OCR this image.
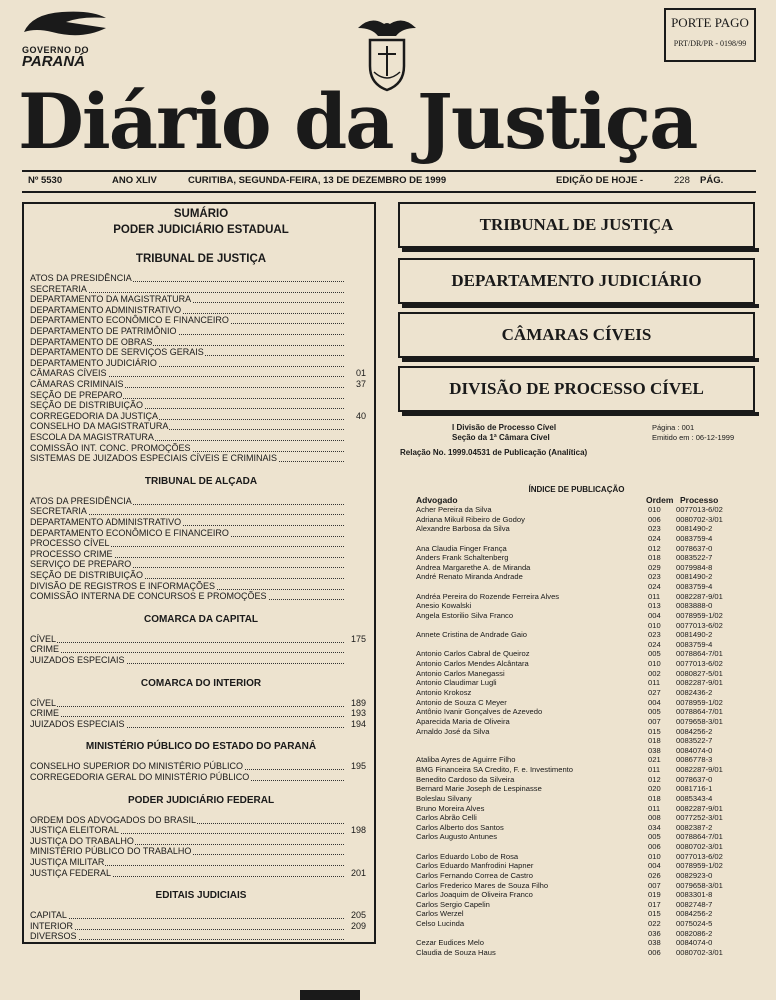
GOVERNO DO
PARANÁ
PORTE PAGO
PRT/DR/PR - 0198/99
Diário da Justiça
Nº 5530	ANO XLIV	CURITIBA, SEGUNDA-FEIRA, 13 DE DEZEMBRO DE 1999	EDIÇÃO DE HOJE -	228 PÁG.
SUMÁRIO
PODER JUDICIÁRIO ESTADUAL
TRIBUNAL DE JUSTIÇA
ATOS DA PRESIDÊNCIA
SECRETARIA
DEPARTAMENTO DA MAGISTRATURA
DEPARTAMENTO ADMINISTRATIVO
DEPARTAMENTO ECONÔMICO E FINANCEIRO
DEPARTAMENTO DE PATRIMÔNIO
DEPARTAMENTO DE OBRAS
DEPARTAMENTO DE SERVIÇOS GERAIS
DEPARTAMENTO JUDICIÁRIO
CÂMARAS CÍVEIS	01
CÂMARAS CRIMINAIS	37
SEÇÃO DE PREPARO
SEÇÃO DE DISTRIBUIÇÃO
CORREGEDORIA DA JUSTIÇA	40
CONSELHO DA MAGISTRATURA
ESCOLA DA MAGISTRATURA
COMISSÃO INT. CONC. PROMOÇÕES
SISTEMAS DE JUIZADOS ESPECIAIS CÍVEIS E CRIMINAIS
TRIBUNAL DE ALÇADA
ATOS DA PRESIDÊNCIA
SECRETARIA
DEPARTAMENTO ADMINISTRATIVO
DEPARTAMENTO ECONÔMICO E FINANCEIRO
PROCESSO CÍVEL
PROCESSO CRIME
SERVIÇO DE PREPARO
SEÇÃO DE DISTRIBUIÇÃO
DIVISÃO DE REGISTROS E INFORMAÇÕES
COMISSÃO INTERNA DE CONCURSOS E PROMOÇÕES
COMARCA DA CAPITAL
CÍVEL	175
CRIME
JUIZADOS ESPECIAIS
COMARCA DO INTERIOR
CÍVEL	189
CRIME	193
JUIZADOS ESPECIAIS	194
MINISTÉRIO PÚBLICO DO ESTADO DO PARANÁ
CONSELHO SUPERIOR DO MINISTÉRIO PÚBLICO	195
CORREGEDORIA GERAL DO MINISTÉRIO PÚBLICO
PODER JUDICIÁRIO FEDERAL
ORDEM DOS ADVOGADOS DO BRASIL
JUSTIÇA ELEITORAL	198
JUSTIÇA DO TRABALHO
MINISTÉRIO PÚBLICO DO TRABALHO
JUSTIÇA MILITAR
JUSTIÇA FEDERAL	201
EDITAIS JUDICIAIS
CAPITAL	205
INTERIOR	209
DIVERSOS
TRIBUNAL DE JUSTIÇA
DEPARTAMENTO JUDICIÁRIO
CÂMARAS CÍVEIS
DIVISÃO DE PROCESSO CÍVEL
I Divisão de Processo Cível
Seção da 1ª Câmara Cível
Página : 001
Emitido em : 06-12-1999
Relação No. 1999.04531 de Publicação (Analítica)
ÍNDICE DE PUBLICAÇÃO
Advogado	Ordem Processo
Acher Pereira da Silva	010 0077013-6/02
Adriana Mikuil Ribeiro de Godoy	006 0080702-3/01
Alexandre Barbosa da Silva	023 0081490-2
024 0083759-4
Ana Claudia Finger França	012 0078637-0
Anders Frank Schaltenberg	018 0083522-7
Andrea Margarethe A. de Miranda	029 0079984-8
André Renato Miranda Andrade	023 0081490-2
024 0083759-4
Andréa Pereira do Rozende Ferreira Alves	011 0082287-9/01
Anesio Kowalski	013 0083888-0
Angela Estorilio Silva Franco	004 0078959-1/02
010 0077013-6/02
Annete Cristina de Andrade Gaio	023 0081490-2
024 0083759-4
Antonio Carlos Cabral de Queiroz	005 0078864-7/01
Antonio Carlos Mendes Alcântara	010 0077013-6/02
Antonio Carlos Manegassi	002 0080827-5/01
Antonio Claudimar Lugli	011 0082287-9/01
Antonio Krokosz	027 0082436-2
Antonio de Souza C Meyer	004 0078959-1/02
Antônio Ivanir Gonçalves de Azevedo	005 0078864-7/01
Aparecida Maria de Oliveira	007 0079658-3/01
Arnaldo José da Silva	015 0084256-2
018 0083522-7
038 0084074-0
Ataliba Ayres de Aguirre Filho	021 0086778-3
BMG Financeira SA Credito, F. e. Investimento	011 0082287-9/01
Benedito Cardoso da Silveira	012 0078637-0
Bernard Marie Joseph de Lespinasse	020 0081716-1
Boleslau Silvany	018 0085343-4
Bruno Moreira Alves	011 0082287-9/01
Carlos Abrão Celli	008 0077252-3/01
Carlos Alberto dos Santos	034 0082387-2
Carlos Augusto Antunes	005 0078864-7/01
006 0080702-3/01
Carlos Eduardo Lobo de Rosa	010 0077013-6/02
Carlos Eduardo Manfrodini Hapner	004 0078959-1/02
Carlos Fernando Correa de Castro	026 0082923-0
Carlos Frederico Mares de Souza Filho	007 0079658-3/01
Carlos Joaquim de Oliveira Franco	019 0083301-8
Carlos Sergio Capelin	017 0082748-7
Carlos Werzel	015 0084256-2
Celso Lucinda	022 0075024-5
036 0082086-2
Cezar Eudices Melo	038 0084074-0
Claudia de Souza Haus	006 0080702-3/01
